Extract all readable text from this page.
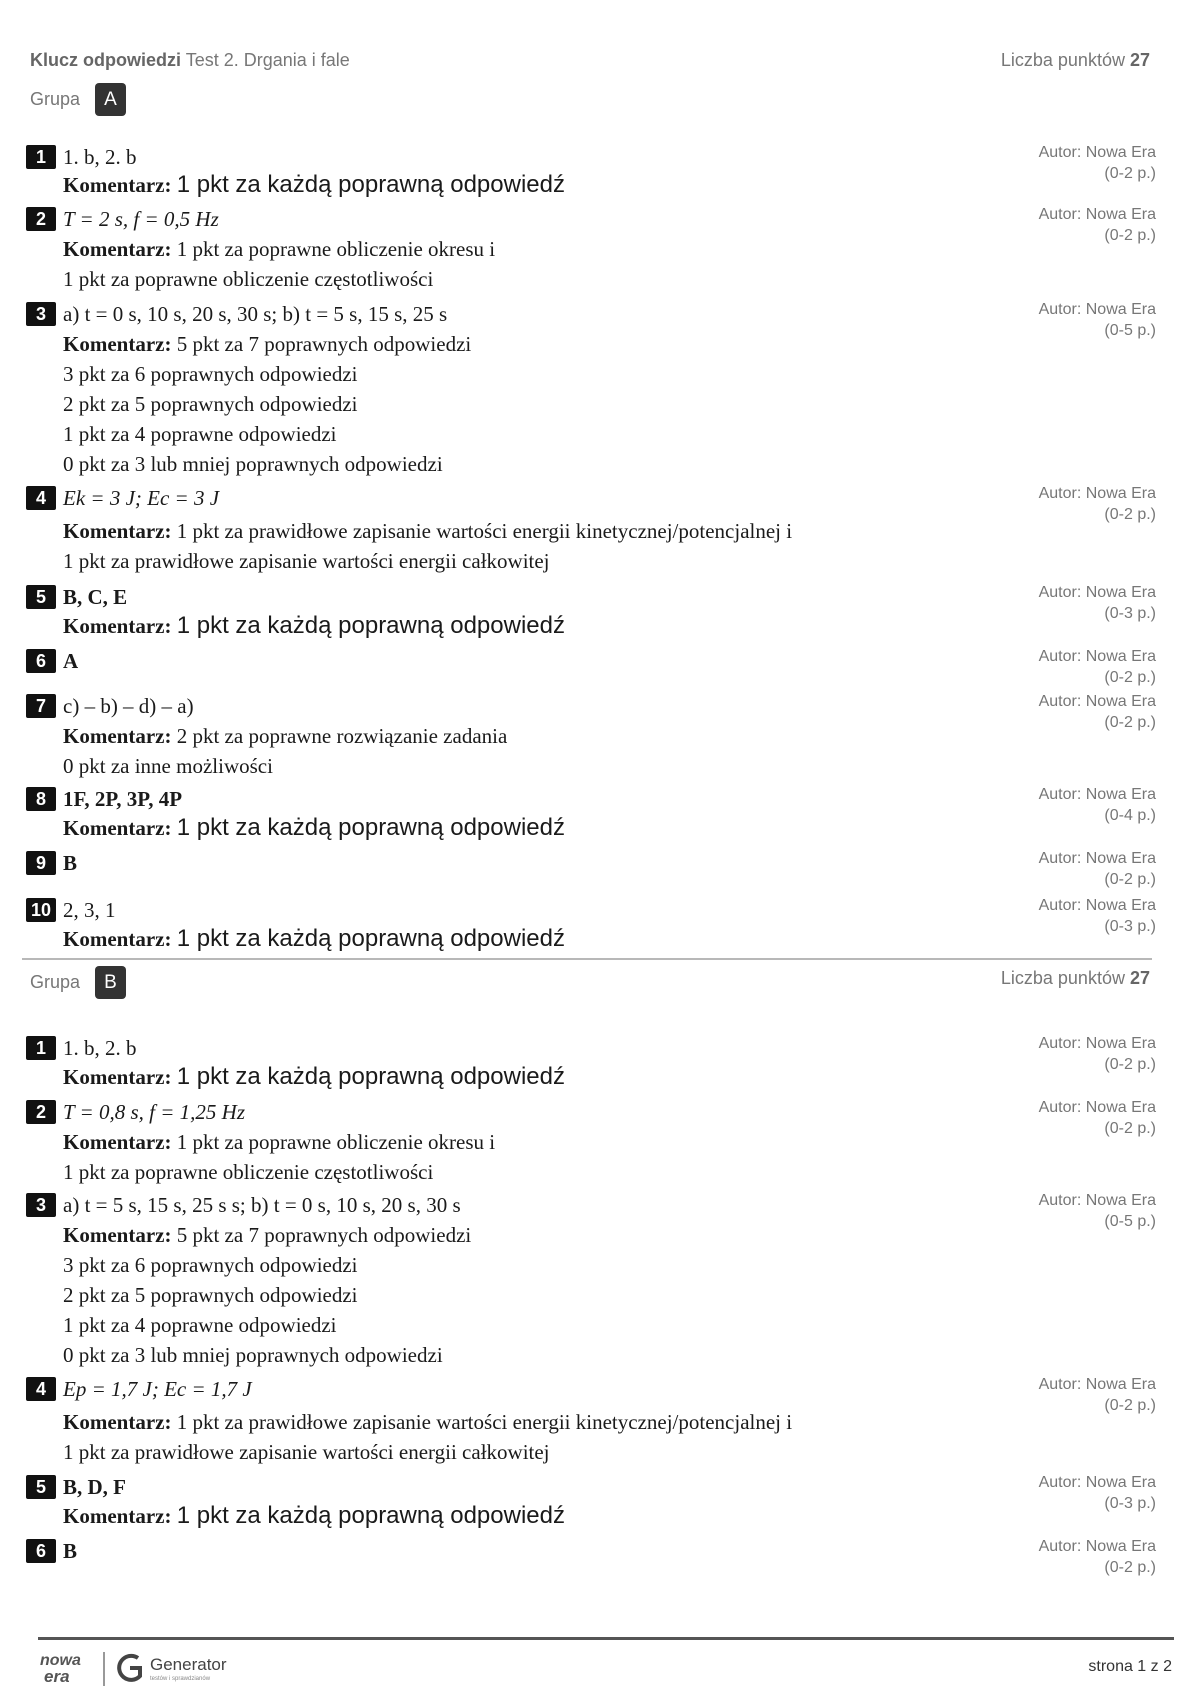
Klucz odpowiedzi Test 2. Drgania i fale	Liczba punktów 27
Grupa	A
1 1. b, 2. b
Komentarz: 1 pkt za każdą poprawną odpowiedź
Autor: Nowa Era
(0-2 p.)
2 T = 2 s, f = 0,5 Hz
Komentarz: 1 pkt za poprawne obliczenie okresu i
1 pkt za poprawne obliczenie częstotliwości
Autor: Nowa Era
(0-2 p.)
3 a) t = 0 s, 10 s, 20 s, 30 s; b) t = 5 s, 15 s, 25 s
Komentarz: 5 pkt za 7 poprawnych odpowiedzi
3 pkt za 6 poprawnych odpowiedzi
2 pkt za 5 poprawnych odpowiedzi
1 pkt za 4 poprawne odpowiedzi
0 pkt za 3 lub mniej poprawnych odpowiedzi
Autor: Nowa Era
(0-5 p.)
4 Ek = 3 J; Ec = 3 J
Komentarz: 1 pkt za prawidłowe zapisanie wartości energii kinetycznej/potencjalnej i
1 pkt za prawidłowe zapisanie wartości energii całkowitej
Autor: Nowa Era
(0-2 p.)
5 B, C, E
Komentarz: 1 pkt za każdą poprawną odpowiedź
Autor: Nowa Era
(0-3 p.)
6 A	Autor: Nowa Era
(0-2 p.)
7 c) – b) – d) – a)
Komentarz: 2 pkt za poprawne rozwiązanie zadania
0 pkt za inne możliwości
Autor: Nowa Era
(0-2 p.)
8 1F, 2P, 3P, 4P
Komentarz: 1 pkt za każdą poprawną odpowiedź
Autor: Nowa Era
(0-4 p.)
9 B	Autor: Nowa Era
(0-2 p.)
10 2, 3, 1
Komentarz: 1 pkt za każdą poprawną odpowiedź
Autor: Nowa Era
(0-3 p.)
Grupa	B	Liczba punktów 27
1 1. b, 2. b
Komentarz: 1 pkt za każdą poprawną odpowiedź
Autor: Nowa Era
(0-2 p.)
2 T = 0,8 s, f = 1,25 Hz
Komentarz: 1 pkt za poprawne obliczenie okresu i
1 pkt za poprawne obliczenie częstotliwości
Autor: Nowa Era
(0-2 p.)
3 a) t = 5 s, 15 s, 25 s s; b) t = 0 s, 10 s, 20 s, 30 s
Komentarz: 5 pkt za 7 poprawnych odpowiedzi
3 pkt za 6 poprawnych odpowiedzi
2 pkt za 5 poprawnych odpowiedzi
1 pkt za 4 poprawne odpowiedzi
0 pkt za 3 lub mniej poprawnych odpowiedzi
Autor: Nowa Era
(0-5 p.)
4 Ep = 1,7 J; Ec = 1,7 J
Komentarz: 1 pkt za prawidłowe zapisanie wartości energii kinetycznej/potencjalnej i
1 pkt za prawidłowe zapisanie wartości energii całkowitej
Autor: Nowa Era
(0-2 p.)
5 B, D, F
Komentarz: 1 pkt za każdą poprawną odpowiedź
Autor: Nowa Era
(0-3 p.)
6 B	Autor: Nowa Era
(0-2 p.)
nowa
era
Generator
testów i sprawdzianów
strona 1 z 2
